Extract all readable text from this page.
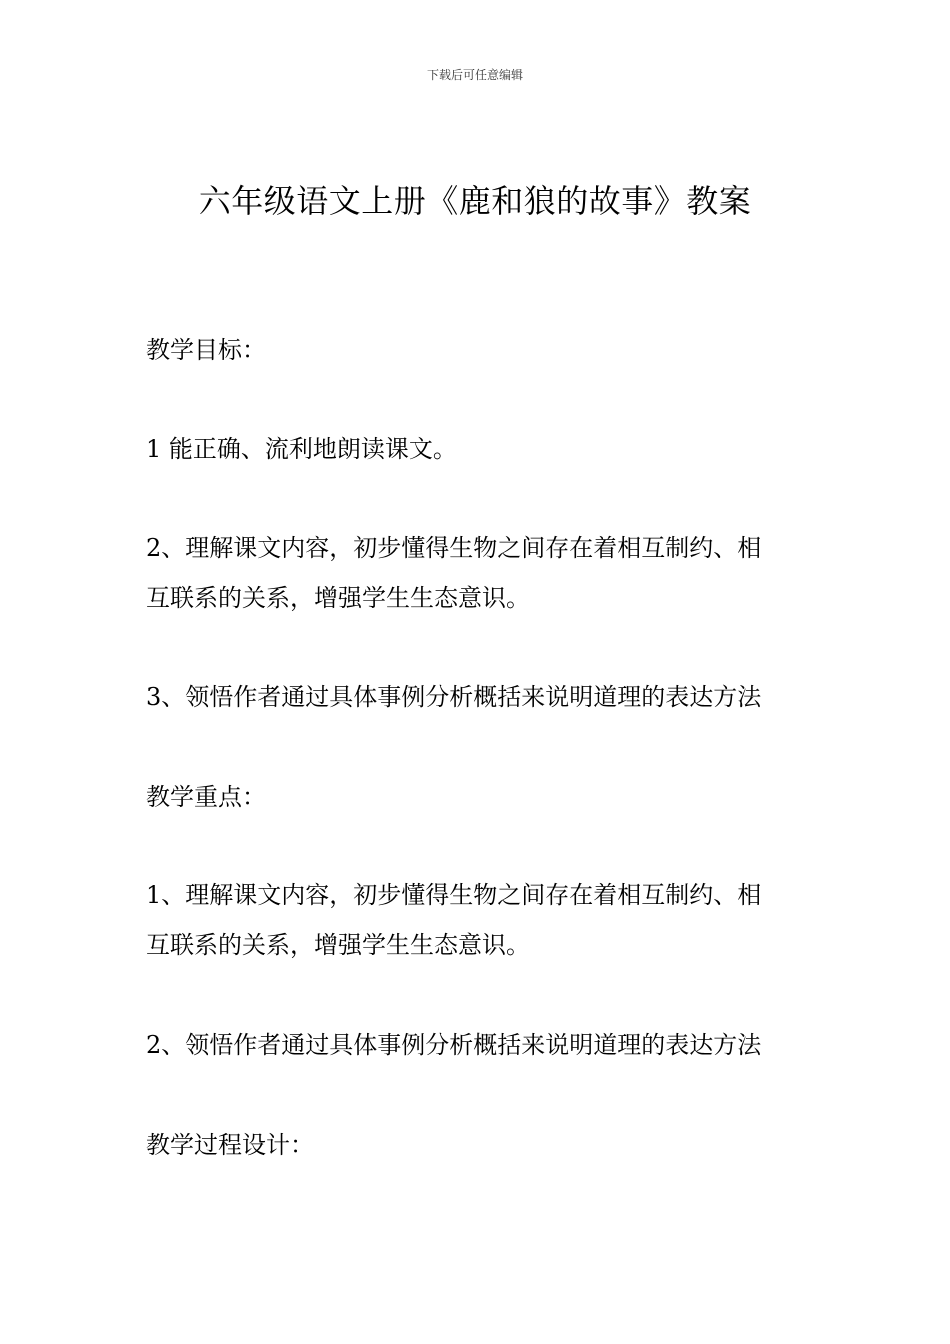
下载后可任意编辑
六年级语文上册《鹿和狼的故事》教案

教学目标：

1 能正确、流利地朗读课文。

2、理解课文内容，初步懂得生物之间存在着相互制约、相

互联系的关系，增强学生生态意识。

3、领悟作者通过具体事例分析概括来说明道理的表达方法

教学重点：

1、理解课文内容，初步懂得生物之间存在着相互制约、相

互联系的关系，增强学生生态意识。

2、领悟作者通过具体事例分析概括来说明道理的表达方法

教学过程设计：
